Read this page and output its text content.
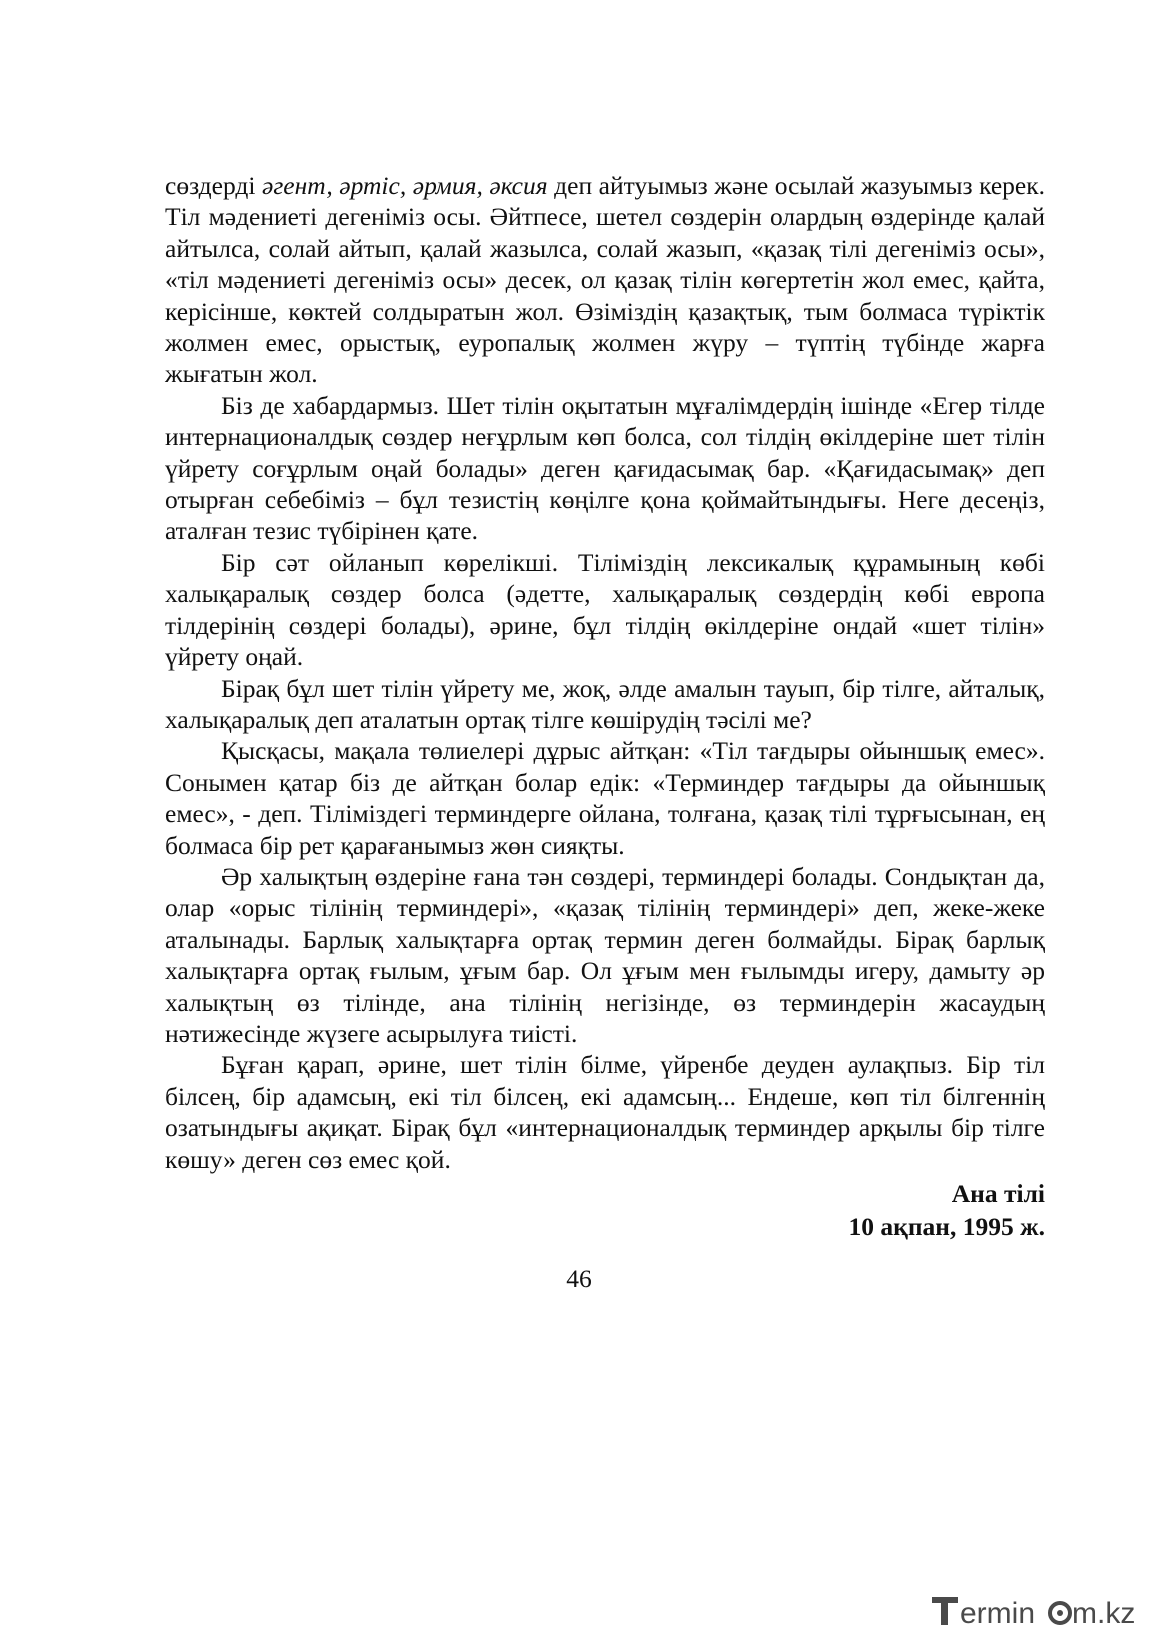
сөздерді әгент, әртіс, әрмия, әксия деп айтуымыз және осылай жазуымыз керек. Тіл мәдениеті дегеніміз осы. Әйтпесе, шетел сөздерін олардың өздерінде қалай айтылса, солай айтып, қалай жазылса, солай жазып, «қазақ тілі дегеніміз осы», «тіл мәдениеті дегеніміз осы» десек, ол қазақ тілін көгертетін жол емес, қайта, керісінше, көктей солдыратын жол. Өзіміздің қазақтық, тым болмаса түріктік жолмен емес, орыстық, еуропалық жолмен жүру – түптің түбінде жарға жығатын жол.

Біз де хабардармыз. Шет тілін оқытатын мұғалімдердің ішінде «Егер тілде интернационалдық сөздер неғұрлым көп болса, сол тілдің өкілдеріне шет тілін үйрету соғұрлым оңай болады» деген қағидасымақ бар. «Қағидасымақ» деп отырған себебіміз – бұл тезистің көңілге қона қоймайтындығы. Неге десеңіз, аталған тезис түбірінен қате.

Бір сәт ойланып көрелікші. Тіліміздің лексикалық құрамының көбі халықаралық сөздер болса (әдетте, халықаралық сөздердің көбі европа тілдерінің сөздері болады), әрине, бұл тілдің өкілдеріне ондай «шет тілін» үйрету оңай.

Бірақ бұл шет тілін үйрету ме, жоқ, әлде амалын тауып, бір тілге, айталық, халықаралық деп аталатын ортақ тілге көшірудің тәсілі ме?

Қысқасы, мақала төлиелері дұрыс айтқан: «Тіл тағдыры ойыншық емес». Сонымен қатар біз де айтқан болар едік: «Терминдер тағдыры да ойыншық емес», - деп. Тіліміздегі терминдерге ойлана, толғана, қазақ тілі тұрғысынан, ең болмаса бір рет қарағанымыз жөн сияқты.

Әр халықтың өздеріне ғана тән сөздері, терминдері болады. Сондықтан да, олар «орыс тілінің терминдері», «қазақ тілінің терминдері» деп, жеке-жеке аталынады. Барлық халықтарға ортақ термин деген болмайды. Бірақ барлық халықтарға ортақ ғылым, ұғым бар. Ол ұғым мен ғылымды игеру, дамыту әр халықтың өз тілінде, ана тілінің негізінде, өз терминдерін жасаудың нәтижесінде жүзеге асырылуға тиісті.

Бұған қарап, әрине, шет тілін білме, үйренбе деуден аулақпыз. Бір тіл білсең, бір адамсың, екі тіл білсең, екі адамсың... Ендеше, көп тіл білгеннің озатындығы ақиқат. Бірақ бұл «интернационалдық терминдер арқылы бір тілге көшу» деген сөз емес қой.

Ана тілі
10 ақпан, 1995 ж.
46
ermin m.kz
